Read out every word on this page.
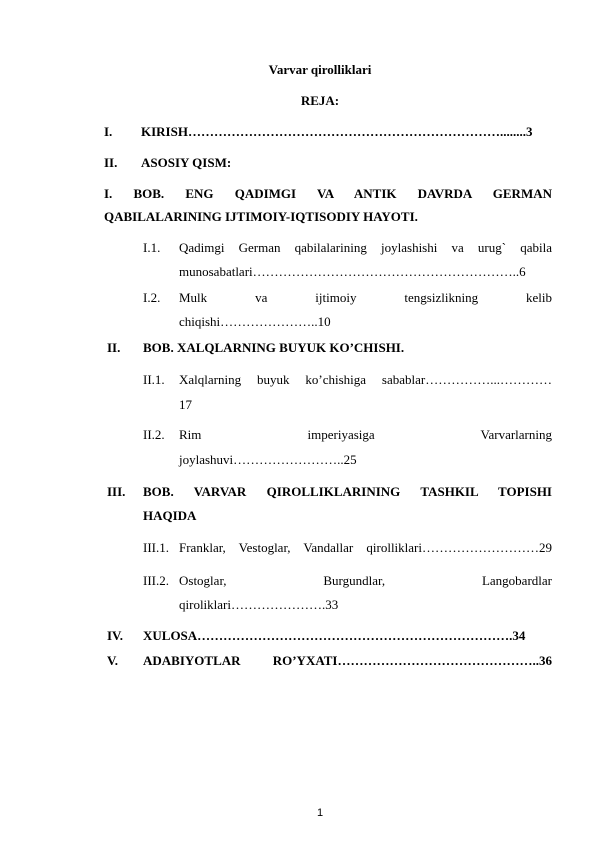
Varvar qirolliklari
REJA:
I. KIRISH………………………………………………………………........3
II. ASOSIY QISM:
I. BOB. ENG QADIMGI VA ANTIK DAVRDA GERMAN
QABILALARINING IJTIMOIY-IQTISODIY HAYOTI.
I.1. Qadimgi German qabilalarining joylashishi va urug` qabila
munosabatlari……………………………………………………..6
I.2. Mulk va ijtimoiy tengsizlikning kelib
chiqishi…………………..10
II. BOB. XALQLARNING BUYUK KO’CHISHI.
II.1. Xalqlarning buyuk ko’chishiga sabablar……………...…………
17
II.2. Rim imperiyasiga Varvarlarning
joylashuvi……………………..25
III. BOB. VARVAR QIROLLIKLARINING TASHKIL TOPISHI
HAQIDA
III.1. Franklar, Vestoglar, Vandallar qirolliklari………………………29
III.2. Ostoglar, Burgundlar, Langobardlar
qiroliklari………………….33
IV. XULOSA……………………………………………………………….34
V. ADABIYOTLAR RO’YXATI………………………………………..36
1
